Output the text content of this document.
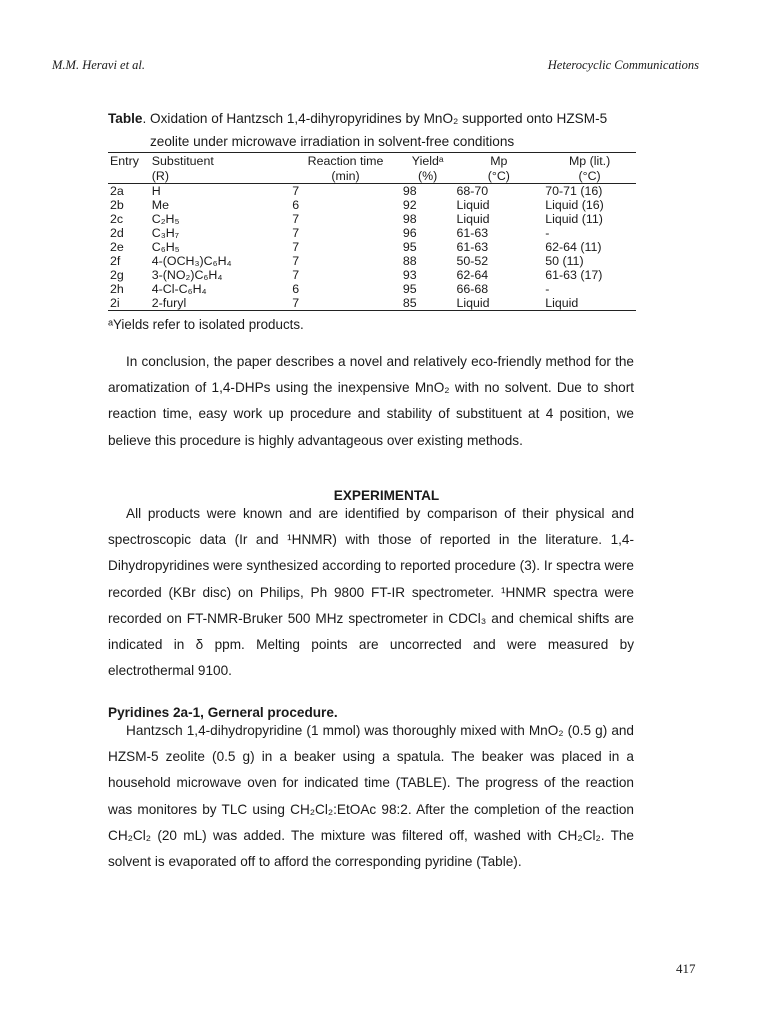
M.M. Heravi et al.	Heterocyclic Communications
Table. Oxidation of Hantzsch 1,4-dihyropyridines by MnO₂ supported onto HZSM-5
zeolite under microwave irradiation in solvent-free conditions
Entry	Substituent	Reaction time	Yieldᵃ	Mp	Mp (lit.)
	(R)	(min)	(%)	(°C)	(°C)
2a	H	7	98	68-70	70-71 (16)
2b	Me	6	92	Liquid	Liquid (16)
2c	C₂H₅	7	98	Liquid	Liquid (11)
2d	C₃H₇	7	96	61-63	-
2e	C₆H₅	7	95	61-63	62-64 (11)
2f	4-(OCH₃)C₆H₄	7	88	50-52	50 (11)
2g	3-(NO₂)C₆H₄	7	93	62-64	61-63 (17)
2h	4-Cl-C₆H₄	6	95	66-68	-
2i	2-furyl	7	85	Liquid	Liquid
ᵃYields refer to isolated products.

In conclusion, the paper describes a novel and relatively eco-friendly method for the aromatization of 1,4-DHPs using the inexpensive MnO₂ with no solvent. Due to short reaction time, easy work up procedure and stability of substituent at 4 position, we believe this procedure is highly advantageous over existing methods.

EXPERIMENTAL

All products were known and are identified by comparison of their physical and spectroscopic data (Ir and ¹HNMR) with those of reported in the literature. 1,4-Dihydropyridines were synthesized according to reported procedure (3). Ir spectra were recorded (KBr disc) on Philips, Ph 9800 FT-IR spectrometer. ¹HNMR spectra were recorded on FT-NMR-Bruker 500 MHz spectrometer in CDCl₃ and chemical shifts are indicated in δ ppm. Melting points are uncorrected and were measured by electrothermal 9100.

Pyridines 2a-1, Gerneral procedure.

Hantzsch 1,4-dihydropyridine (1 mmol) was thoroughly mixed with MnO₂ (0.5 g) and HZSM-5 zeolite (0.5 g) in a beaker using a spatula. The beaker was placed in a household microwave oven for indicated time (TABLE). The progress of the reaction was monitores by TLC using CH₂Cl₂:EtOAc 98:2. After the completion of the reaction CH₂Cl₂ (20 mL) was added. The mixture was filtered off, washed with CH₂Cl₂. The solvent is evaporated off to afford the corresponding pyridine (Table).

417
